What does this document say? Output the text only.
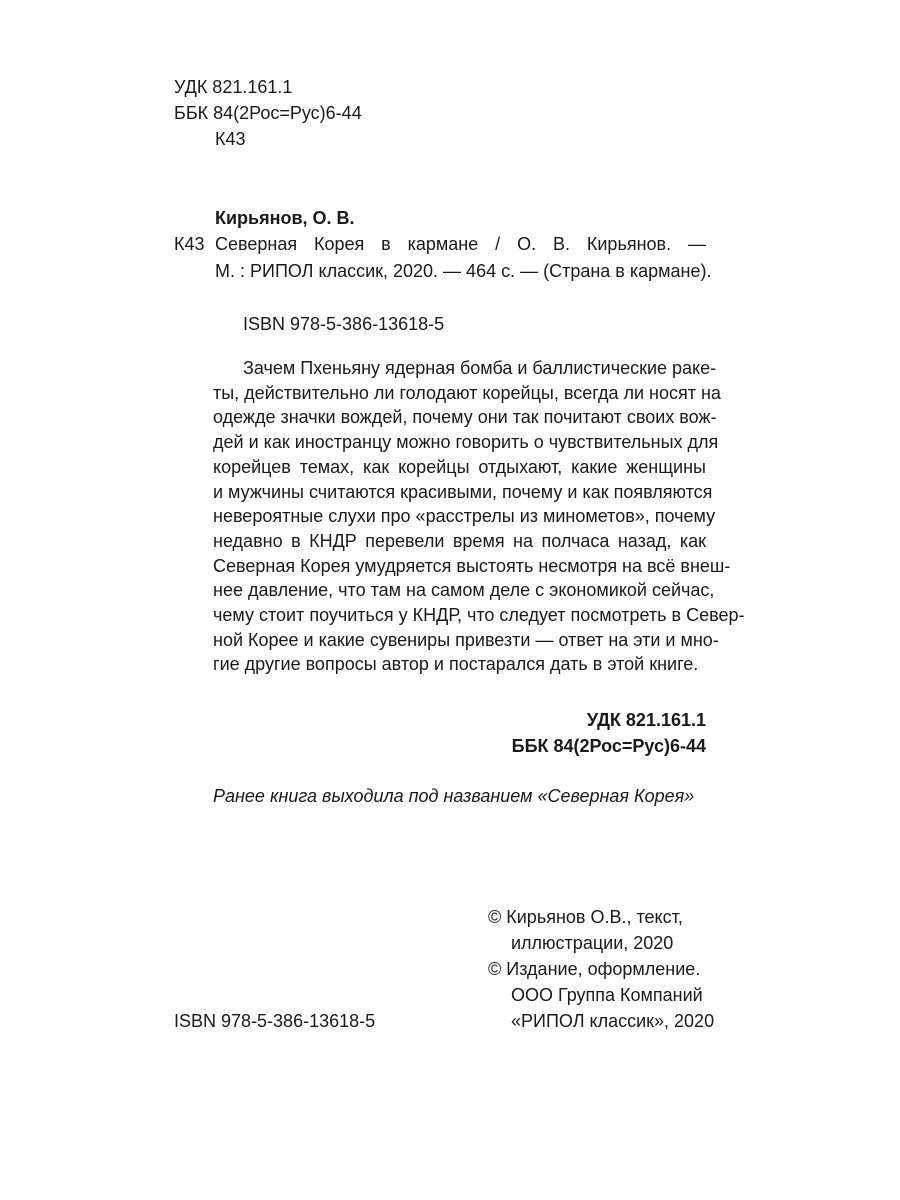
УДК 821.161.1
ББК 84(2Рос=Рус)6-44
К43
Кирьянов, О. В.
К43 Северная Корея в кармане / О. В. Кирьянов. —
М. : РИПОЛ классик, 2020. — 464 с. — (Страна в кармане).
ISBN 978-5-386-13618-5
Зачем Пхеньяну ядерная бомба и баллистические раке-
ты, действительно ли голодают корейцы, всегда ли носят на
одежде значки вождей, почему они так почитают своих вож-
дей и как иностранцу можно говорить о чувствительных для
корейцев темах, как корейцы отдыхают, какие женщины
и мужчины считаются красивыми, почему и как появляются
невероятные слухи про «расстрелы из минометов», почему
недавно в КНДР перевели время на полчаса назад, как
Северная Корея умудряется выстоять несмотря на всё внеш-
нее давление, что там на самом деле с экономикой сейчас,
чему стоит поучиться у КНДР, что следует посмотреть в Север-
ной Корее и какие сувениры привезти — ответ на эти и мно-
гие другие вопросы автор и постарался дать в этой книге.
УДК 821.161.1
ББК 84(2Рос=Рус)6-44
Ранее книга выходила под названием «Северная Корея»
© Кирьянов О.В., текст,
иллюстрации, 2020
© Издание, оформление.
ООО Группа Компаний
«РИПОЛ классик», 2020
ISBN 978-5-386-13618-5
